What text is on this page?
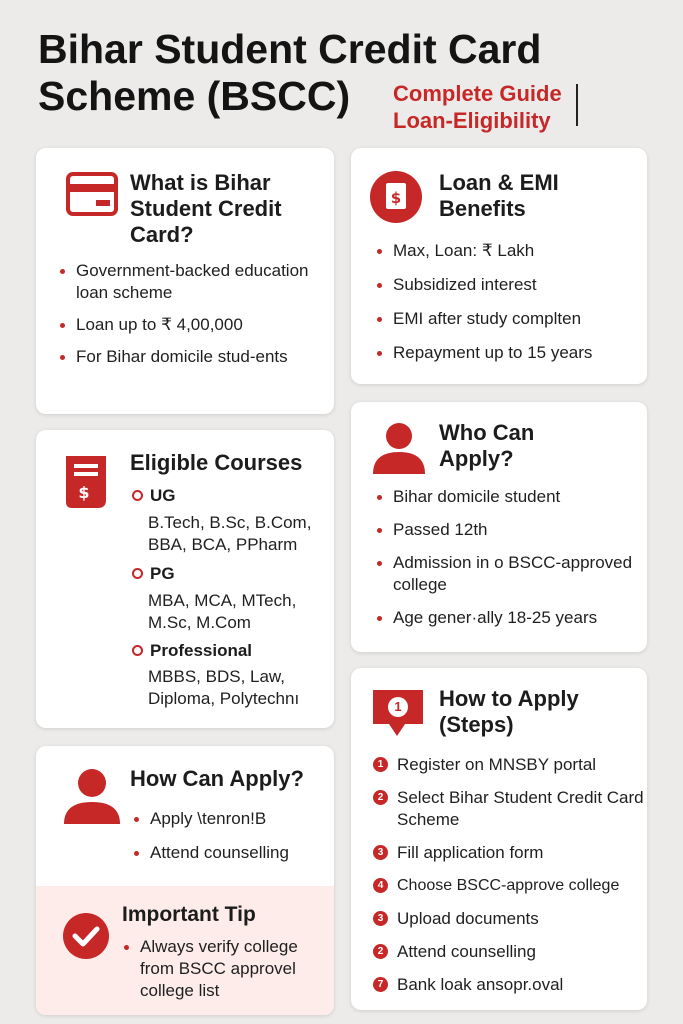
Bihar Student Credit Card
Scheme (BSCC)	Complete Guide
Loan-Eligibility
What is Bihar Student Credit Card?
Government-backed education loan scheme
Loan up to ₹ 4,00,000
For Bihar domicile stud-ents
$
Loan & EMI Benefits
Max, Loan: ₹ Lakh
Subsidized interest
EMI after study complten
Repayment up to 15 years
$
Eligible Courses
UG
B.Tech, B.Sc, B.Com, BBA, BCA, PPharm
PG
MBA, MCA, MTech, M.Sc, M.Com
Professional
MBBS, BDS, Law, Diploma, Polytechnı
Who Can Apply?
Bihar domicile student
Passed 12th
Admission in o BSCC-approved college
Age gener·ally 18-25 years
How Can Apply?
Apply \tenron!B
Attend counselling
Important Tip
Always verify college from BSCC approvel college list
1	How to Apply (Steps)
1 Register on MNSBY portal
2 Select Bihar Student Credit Card Scheme
3 Fill application form
4 Choose BSCC-approve college
3 Upload documents
2 Attend counselling
7 Bank loak ansopr.oval
